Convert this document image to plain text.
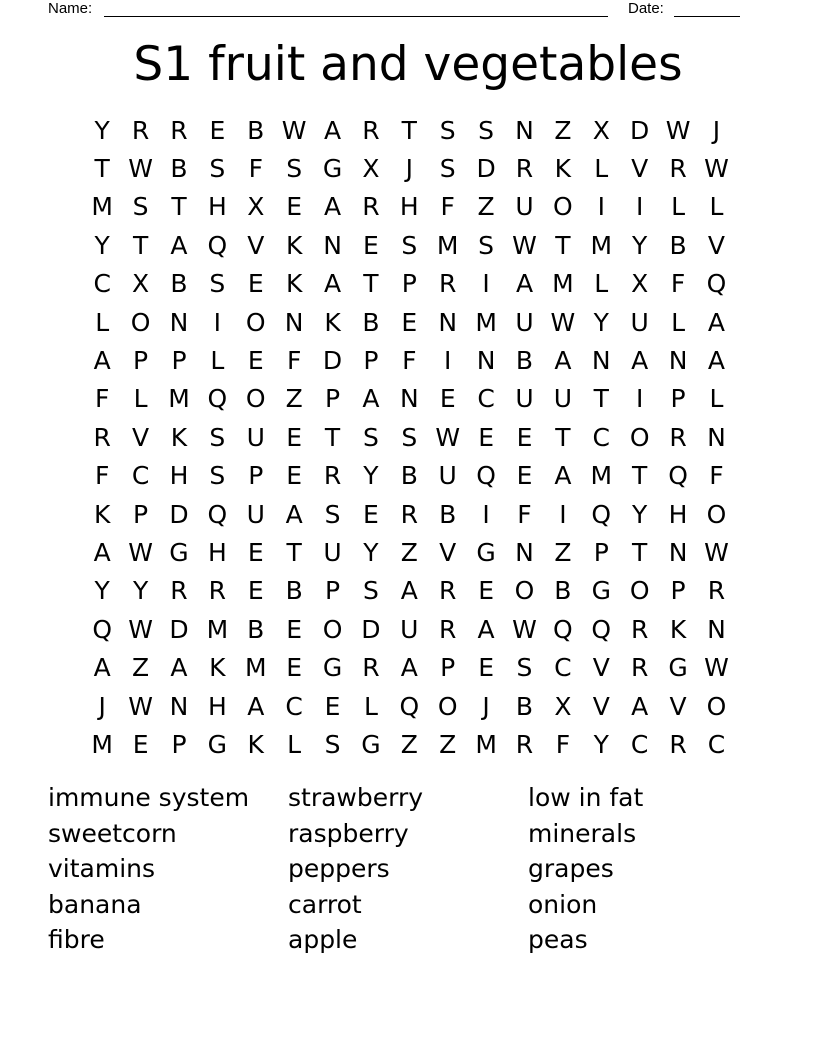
Name:	Date:
S1 fruit and vegetables
Y R R E B W A R T S S N Z X D W J
T W B S F S G X	J	S D R K L V R W
M S T H X E A R H F Z U O I	I	L L
Y T A Q V K N E S M S W T M Y B V
C X B S E K A T P R	I	A M L X F Q
L O N	I O N K B E N M U W Y U L A
A P P L E F D P F	I	N B A N A N A
F L M Q O Z P A N E C U U T	I	P L
R V K S U E T S S W E E T C O R N
F C H S P E R Y B U Q E A M T Q F
K P D Q U A S E R B	I	F	I Q Y H O
A W G H E T U Y Z V G N Z P T N W
Y Y R R E B P S A R E O B G O P R
Q W D M B E O D U R A W Q Q R K N
A Z A K M E G R A P E S C V R G W
J W N H A C E L Q O J	B X V A V O
M E P G K L S G Z Z M R F Y C R C
immune system	strawberry	low in fat
sweetcorn	raspberry	minerals
vitamins	peppers	grapes
banana	carrot	onion
fibre	apple	peas
